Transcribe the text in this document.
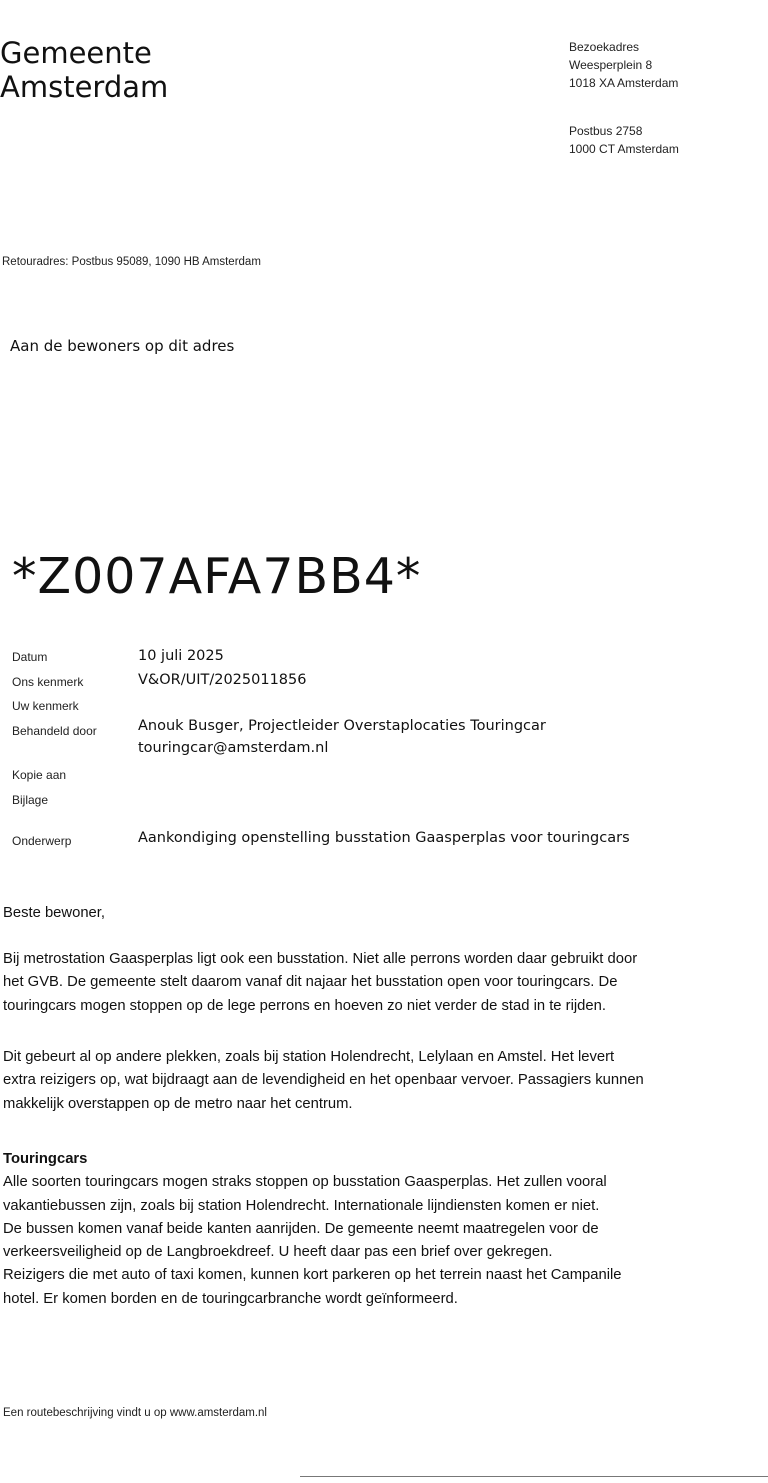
Gemeente
Amsterdam
Bezoekadres
Weesperplein 8
1018 XA Amsterdam
Postbus 2758
1000 CT Amsterdam
Retouradres: Postbus 95089, 1090 HB Amsterdam
Aan de bewoners op dit adres
*Z007AFA7BB4*
Datum
Ons kenmerk
Uw kenmerk
Behandeld door
Kopie aan
Bijlage
Onderwerp
10 juli 2025
V&OR/UIT/2025011856
Anouk Busger, Projectleider Overstaplocaties Touringcar
touringcar@amsterdam.nl
Aankondiging openstelling busstation Gaasperplas voor touringcars

Beste bewoner,

Bij metrostation Gaasperplas ligt ook een busstation. Niet alle perrons worden daar gebruikt door

het GVB. De gemeente stelt daarom vanaf dit najaar het busstation open voor touringcars. De

touringcars mogen stoppen op de lege perrons en hoeven zo niet verder de stad in te rijden.

Dit gebeurt al op andere plekken, zoals bij station Holendrecht, Lelylaan en Amstel. Het levert

extra reizigers op, wat bijdraagt aan de levendigheid en het openbaar vervoer. Passagiers kunnen

makkelijk overstappen op de metro naar het centrum.

Touringcars

Alle soorten touringcars mogen straks stoppen op busstation Gaasperplas. Het zullen vooral

vakantiebussen zijn, zoals bij station Holendrecht. Internationale lijndiensten komen er niet.

De bussen komen vanaf beide kanten aanrijden. De gemeente neemt maatregelen voor de

verkeersveiligheid op de Langbroekdreef. U heeft daar pas een brief over gekregen.

Reizigers die met auto of taxi komen, kunnen kort parkeren op het terrein naast het Campanile

hotel. Er komen borden en de touringcarbranche wordt geïnformeerd.

Een routebeschrijving vindt u op www.amsterdam.nl
